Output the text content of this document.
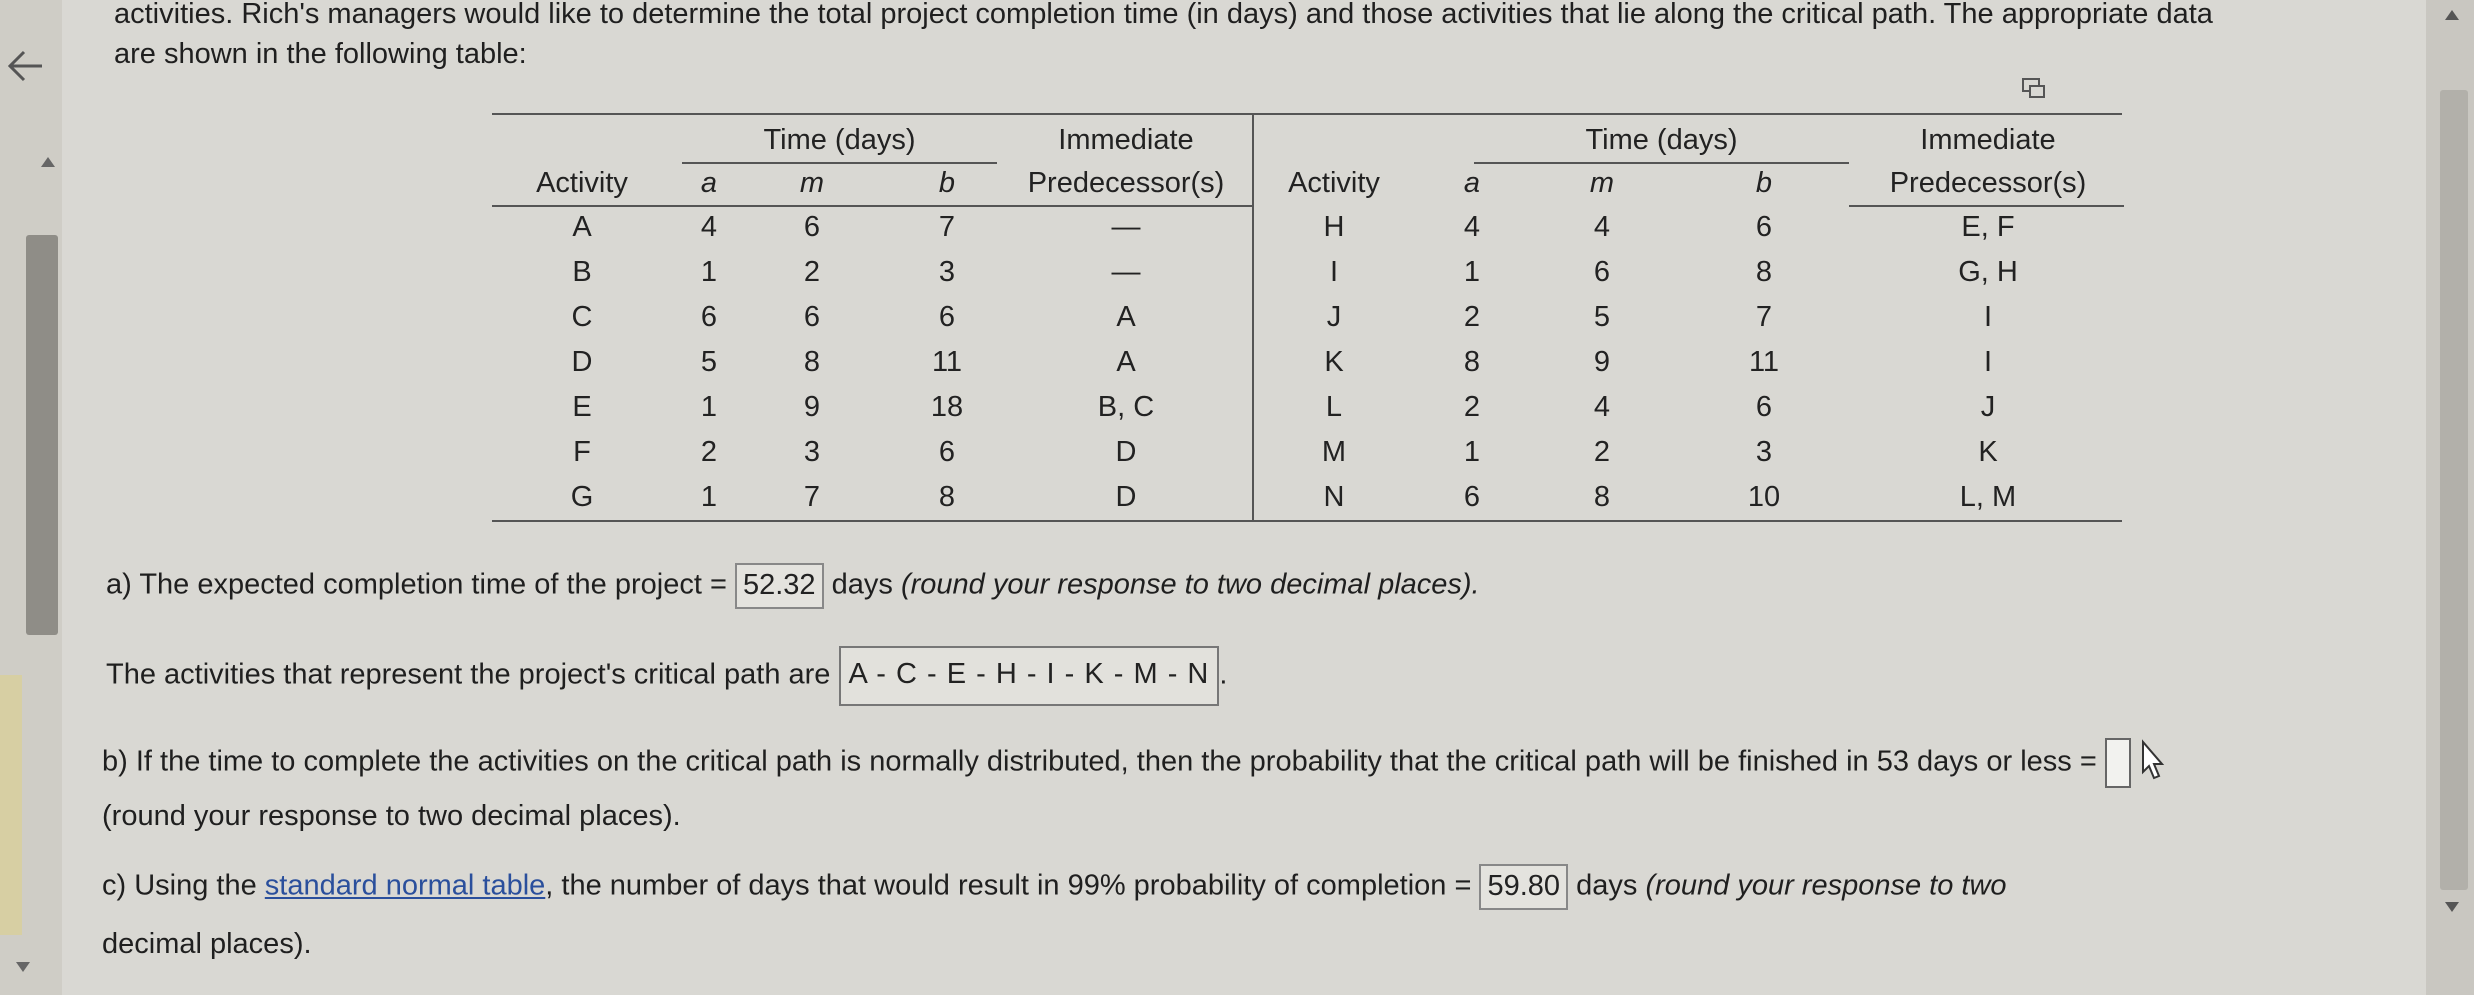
activities. Rich's managers would like to determine the total project completion time (in days) and those activities that lie along the critical path. The appropriate data
are shown in the following table:
Time (days)	Immediate
Activity	a	m	b	Predecessor(s)
Time (days)	Immediate
Activity	a	m	b	Predecessor(s)
A	4	6	7	—
B	1	2	3	—
C	6	6	6	A
D	5	8	11	A
E	1	9	18	B, C
F	2	3	6	D
G	1	7	8	D
H	4	4	6	E, F
I	1	6	8	G, H
J	2	5	7	I
K	8	9	11	I
L	2	4	6	J
M	1	2	3	K
N	6	8	10	L, M
a) The expected completion time of the project = 52.32 days (round your response to two decimal places).
The activities that represent the project's critical path are A - C - E - H - I - K - M - N .
b) If the time to complete the activities on the critical path is normally distributed, then the probability that the critical path will be finished in 53 days or less =
(round your response to two decimal places).
c) Using the standard normal table, the number of days that would result in 99% probability of completion = 59.80 days (round your response to two
decimal places).
